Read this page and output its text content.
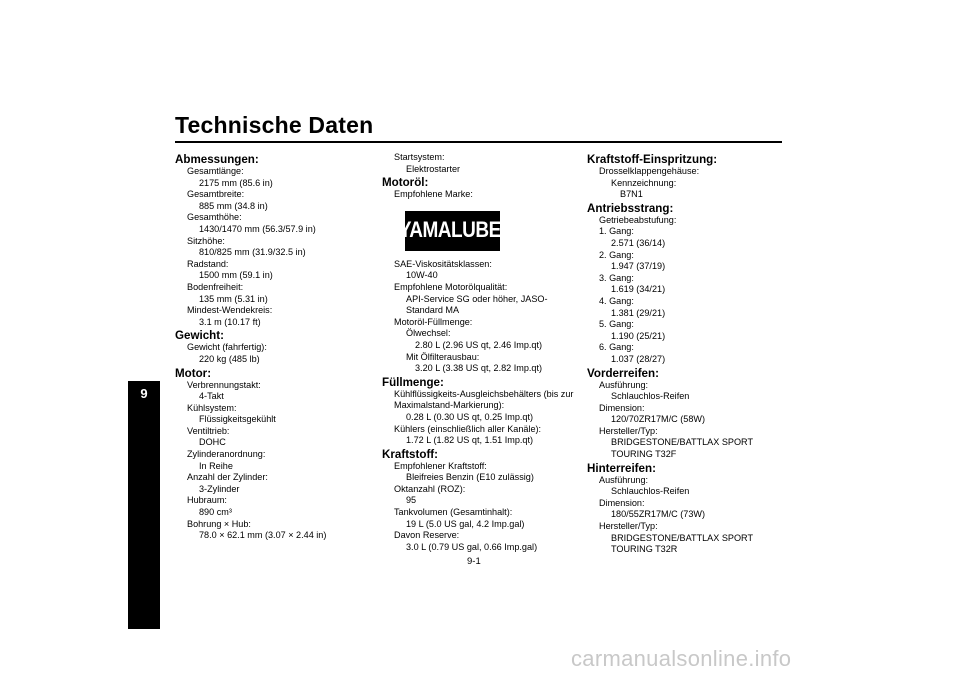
Technische Daten
9
Abmessungen:
Gesamtlänge:
2175 mm (85.6 in)
Gesamtbreite:
885 mm (34.8 in)
Gesamthöhe:
1430/1470 mm (56.3/57.9 in)
Sitzhöhe:
810/825 mm (31.9/32.5 in)
Radstand:
1500 mm (59.1 in)
Bodenfreiheit:
135 mm (5.31 in)
Mindest-Wendekreis:
3.1 m (10.17 ft)
Gewicht:
Gewicht (fahrfertig):
220 kg (485 lb)
Motor:
Verbrennungstakt:
4-Takt
Kühlsystem:
Flüssigkeitsgekühlt
Ventiltrieb:
DOHC
Zylinderanordnung:
In Reihe
Anzahl der Zylinder:
3-Zylinder
Hubraum:
890 cm³
Bohrung × Hub:
78.0 × 62.1 mm (3.07 × 2.44 in)
Startsystem:
Elektrostarter
Motoröl:
Empfohlene Marke:
YAMALUBE ®
SAE-Viskositätsklassen:
10W-40
Empfohlene Motorölqualität:
API-Service SG oder höher, JASO-
Standard MA
Motoröl-Füllmenge:
Ölwechsel:
2.80 L (2.96 US qt, 2.46 Imp.qt)
Mit Ölfilterausbau:
3.20 L (3.38 US qt, 2.82 Imp.qt)
Füllmenge:
Kühlflüssigkeits-Ausgleichsbehälters (bis zur
Maximalstand-Markierung):
0.28 L (0.30 US qt, 0.25 Imp.qt)
Kühlers (einschließlich aller Kanäle):
1.72 L (1.82 US qt, 1.51 Imp.qt)
Kraftstoff:
Empfohlener Kraftstoff:
Bleifreies Benzin (E10 zulässig)
Oktanzahl (ROZ):
95
Tankvolumen (Gesamtinhalt):
19 L (5.0 US gal, 4.2 Imp.gal)
Davon Reserve:
3.0 L (0.79 US gal, 0.66 Imp.gal)
Kraftstoff-Einspritzung:
Drosselklappengehäuse:
Kennzeichnung:
B7N1
Antriebsstrang:
Getriebeabstufung:
1. Gang:
2.571 (36/14)
2. Gang:
1.947 (37/19)
3. Gang:
1.619 (34/21)
4. Gang:
1.381 (29/21)
5. Gang:
1.190 (25/21)
6. Gang:
1.037 (28/27)
Vorderreifen:
Ausführung:
Schlauchlos-Reifen
Dimension:
120/70ZR17M/C (58W)
Hersteller/Typ:
BRIDGESTONE/BATTLAX SPORT
TOURING T32F
Hinterreifen:
Ausführung:
Schlauchlos-Reifen
Dimension:
180/55ZR17M/C (73W)
Hersteller/Typ:
BRIDGESTONE/BATTLAX SPORT
TOURING T32R
9-1
carmanualsonline.info
